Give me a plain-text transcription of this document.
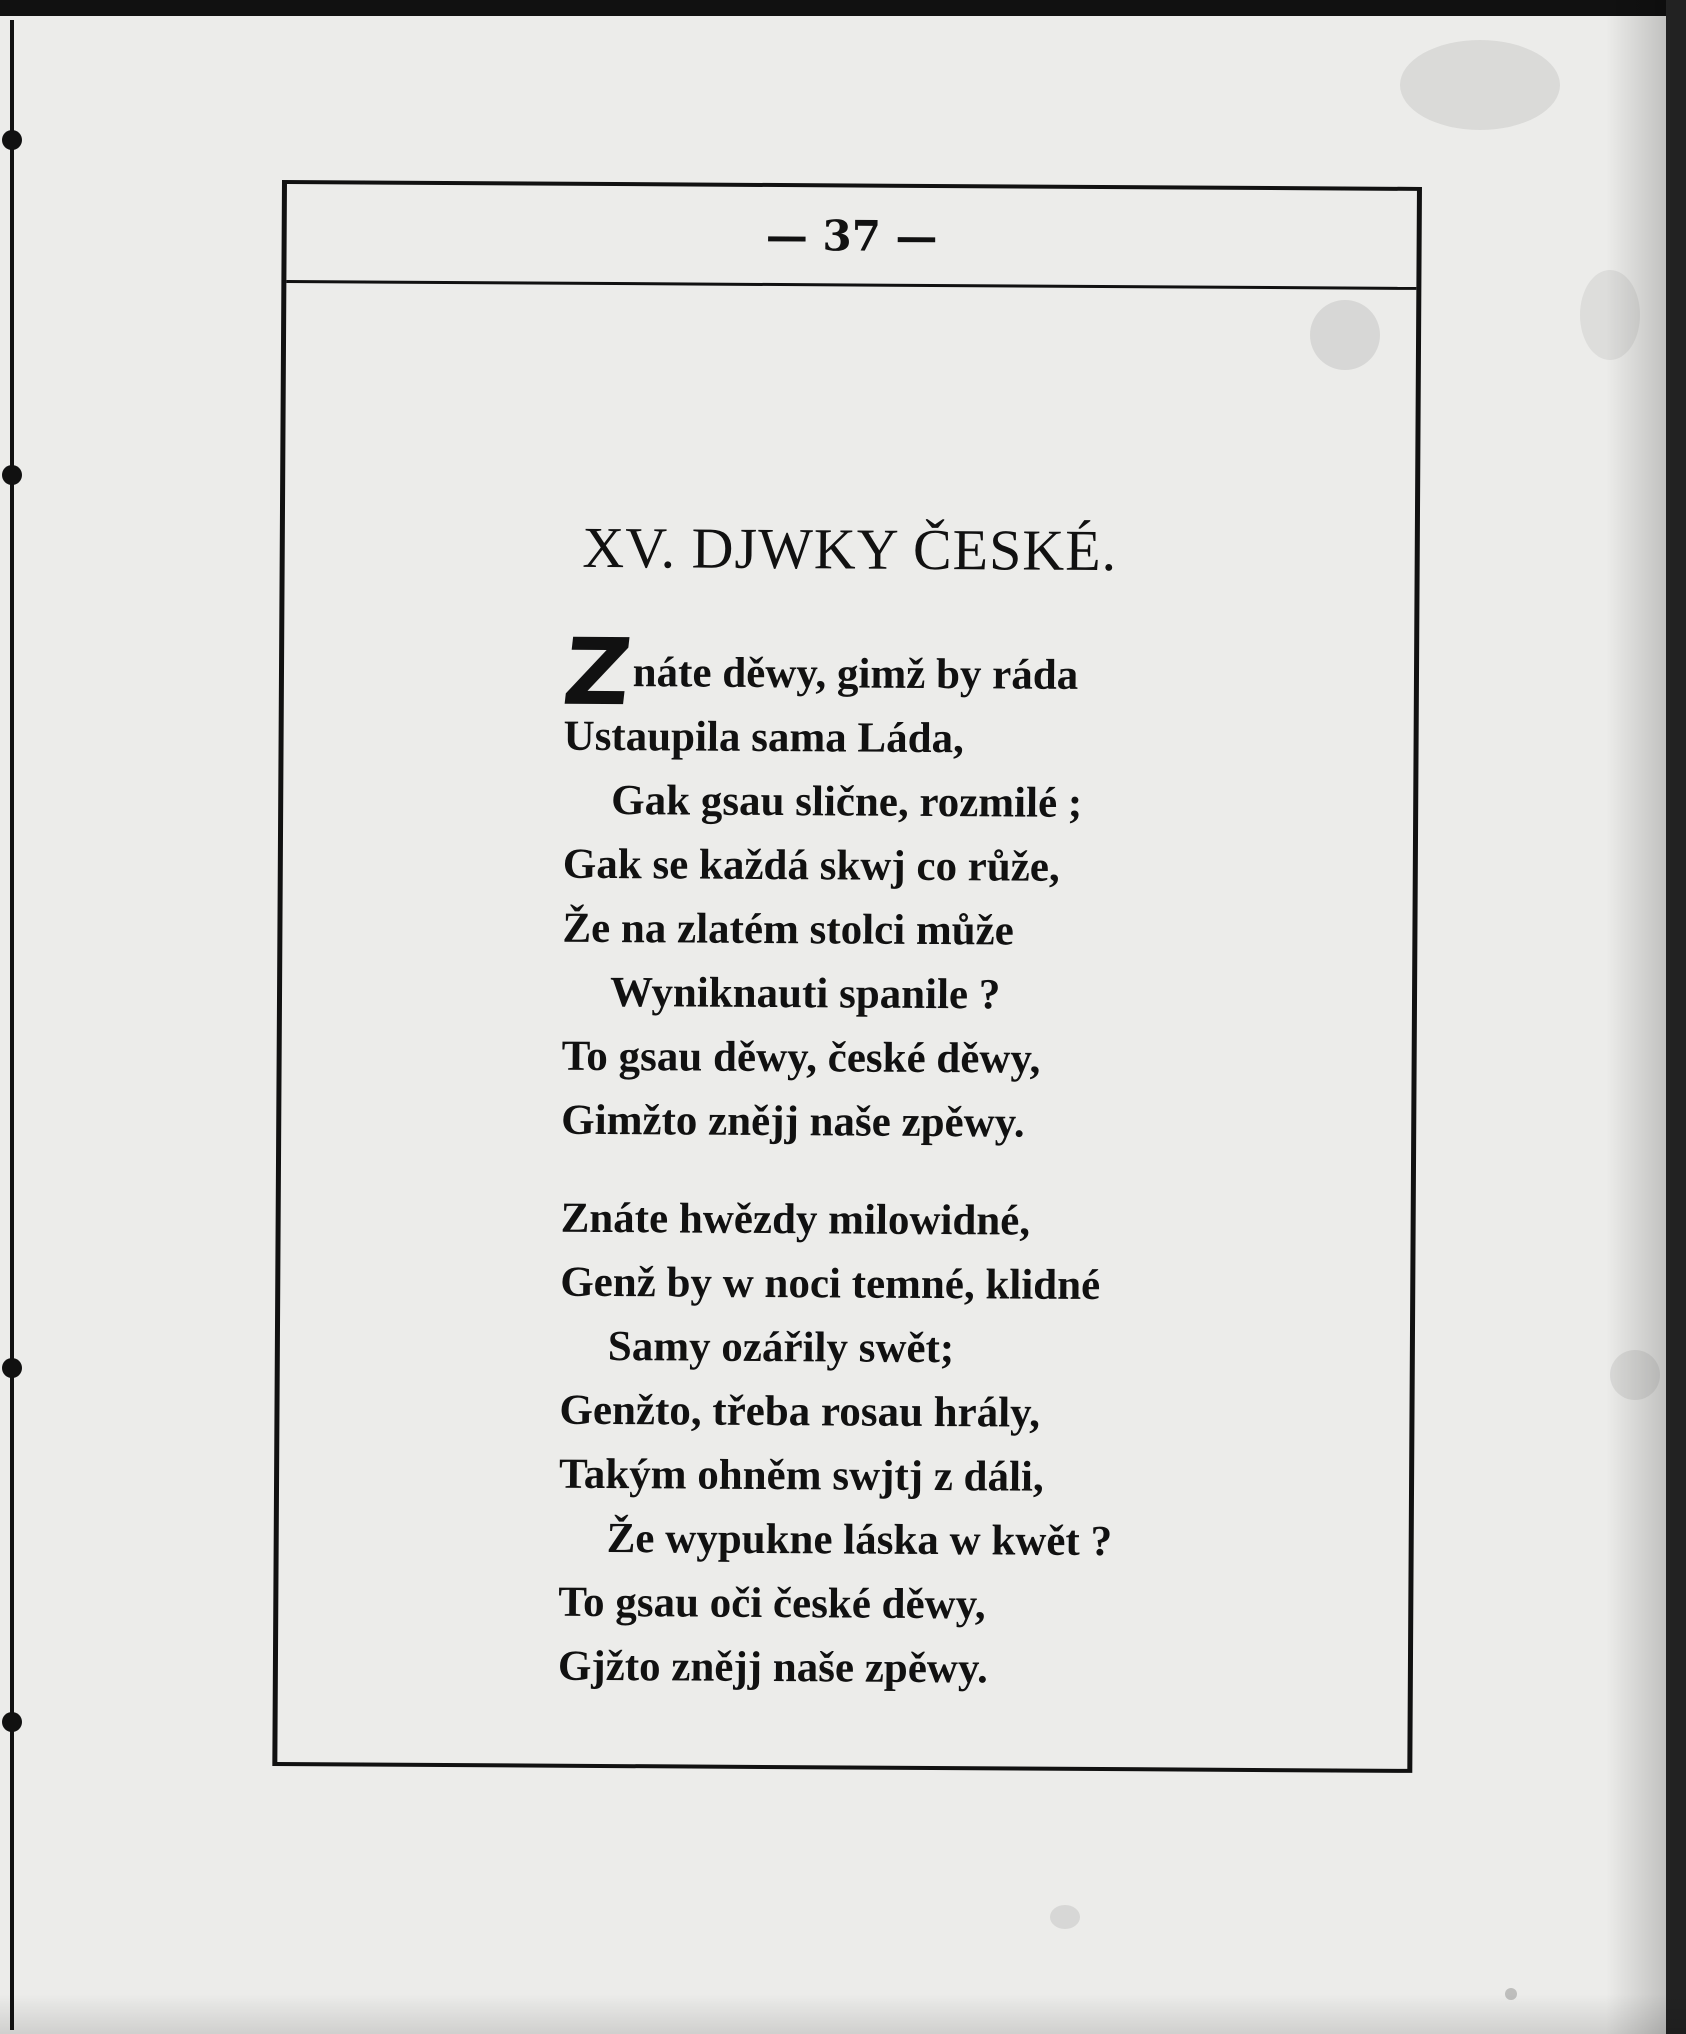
— 37 —
XV. DJWKY ČESKÉ.
Znáte děwy, gimž by ráda
Ustaupila sama Láda,
Gak gsau slične, rozmilé ;
Gak se každá skwj co růže,
Že na zlatém stolci může
Wyniknauti spanile ?
To gsau děwy, české děwy,
Gimžto znějj naše zpěwy.
Znáte hwězdy milowidné,
Genž by w noci temné, klidné
Samy ozářily swět;
Genžto, třeba rosau hrály,
Takým ohněm swjtj z dáli,
Že wypukne láska w kwět ?
To gsau oči české děwy,
Gjžto znějj naše zpěwy.
